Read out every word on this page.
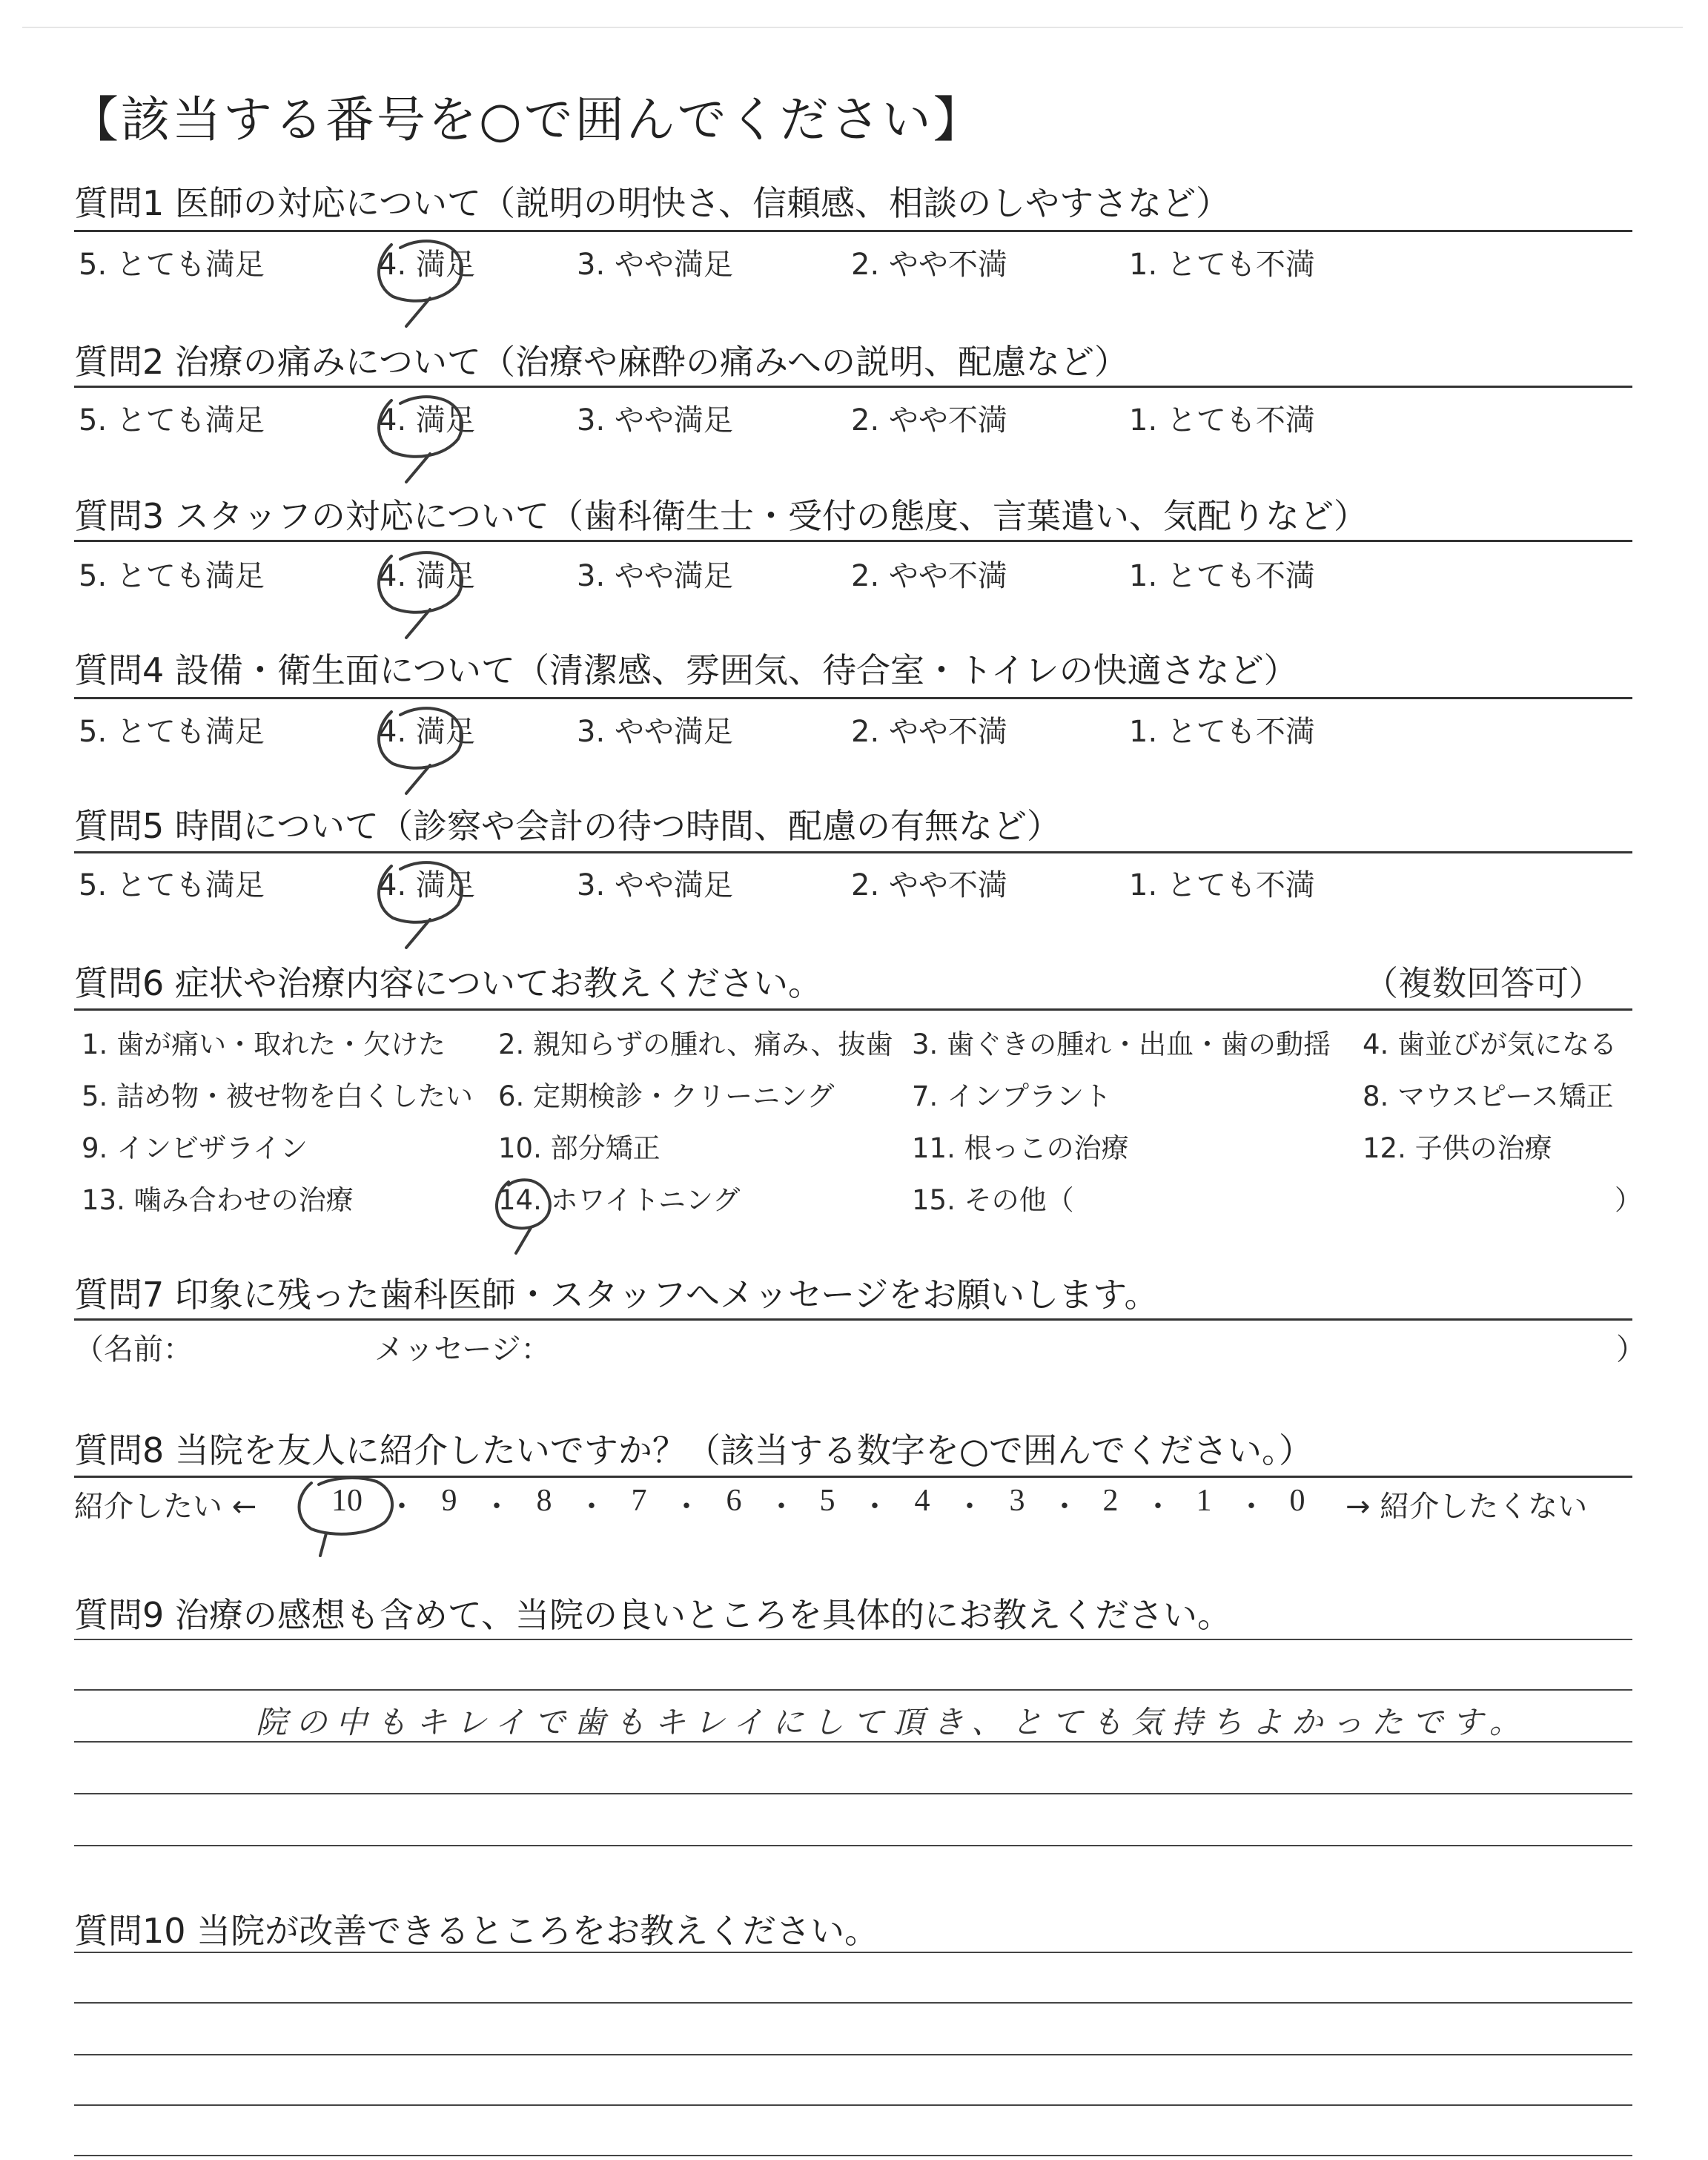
【該当する番号を○で囲んでください】
質問1 医師の対応について（説明の明快さ、信頼感、相談のしやすさなど）
5. とても満足	4. 満足	3. やや満足	2. やや不満	1. とても不満
質問2 治療の痛みについて（治療や麻酔の痛みへの説明、配慮など）
5. とても満足	4. 満足	3. やや満足	2. やや不満	1. とても不満
質問3 スタッフの対応について（歯科衛生士・受付の態度、言葉遣い、気配りなど）
5. とても満足	4. 満足	3. やや満足	2. やや不満	1. とても不満
質問4 設備・衛生面について（清潔感、雰囲気、待合室・トイレの快適さなど）
5. とても満足	4. 満足	3. やや満足	2. やや不満	1. とても不満
質問5 時間について（診察や会計の待つ時間、配慮の有無など）
5. とても満足	4. 満足	3. やや満足	2. やや不満	1. とても不満
質問6 症状や治療内容についてお教えください。	（複数回答可）
1. 歯が痛い・取れた・欠けた 2. 親知らずの腫れ、痛み、抜歯 3. 歯ぐきの腫れ・出血・歯の動揺 4. 歯並びが気になる
5. 詰め物・被せ物を白くしたい 6. 定期検診・クリーニング	7. インプラント	8. マウスピース矯正
9. インビザライン	10. 部分矯正	11. 根っこの治療	12. 子供の治療
13. 噛み合わせの治療	14. ホワイトニング	15. その他（	）
質問7 印象に残った歯科医師・スタッフへメッセージをお願いします。
（名前：	メッセージ：	）
質問8 当院を友人に紹介したいですか？（該当する数字を○で囲んでください。）
紹介したい ←	→ 紹介したくない
10 ・ 9 ・ 8 ・ 7 ・ 6 ・ 5 ・ 4 ・ 3 ・ 2 ・ 1 ・ 0
質問9 治療の感想も含めて、当院の良いところを具体的にお教えください。
院の中もキレイで歯もキレイにして頂き、とても気持ちよかったです。
質問10 当院が改善できるところをお教えください。
